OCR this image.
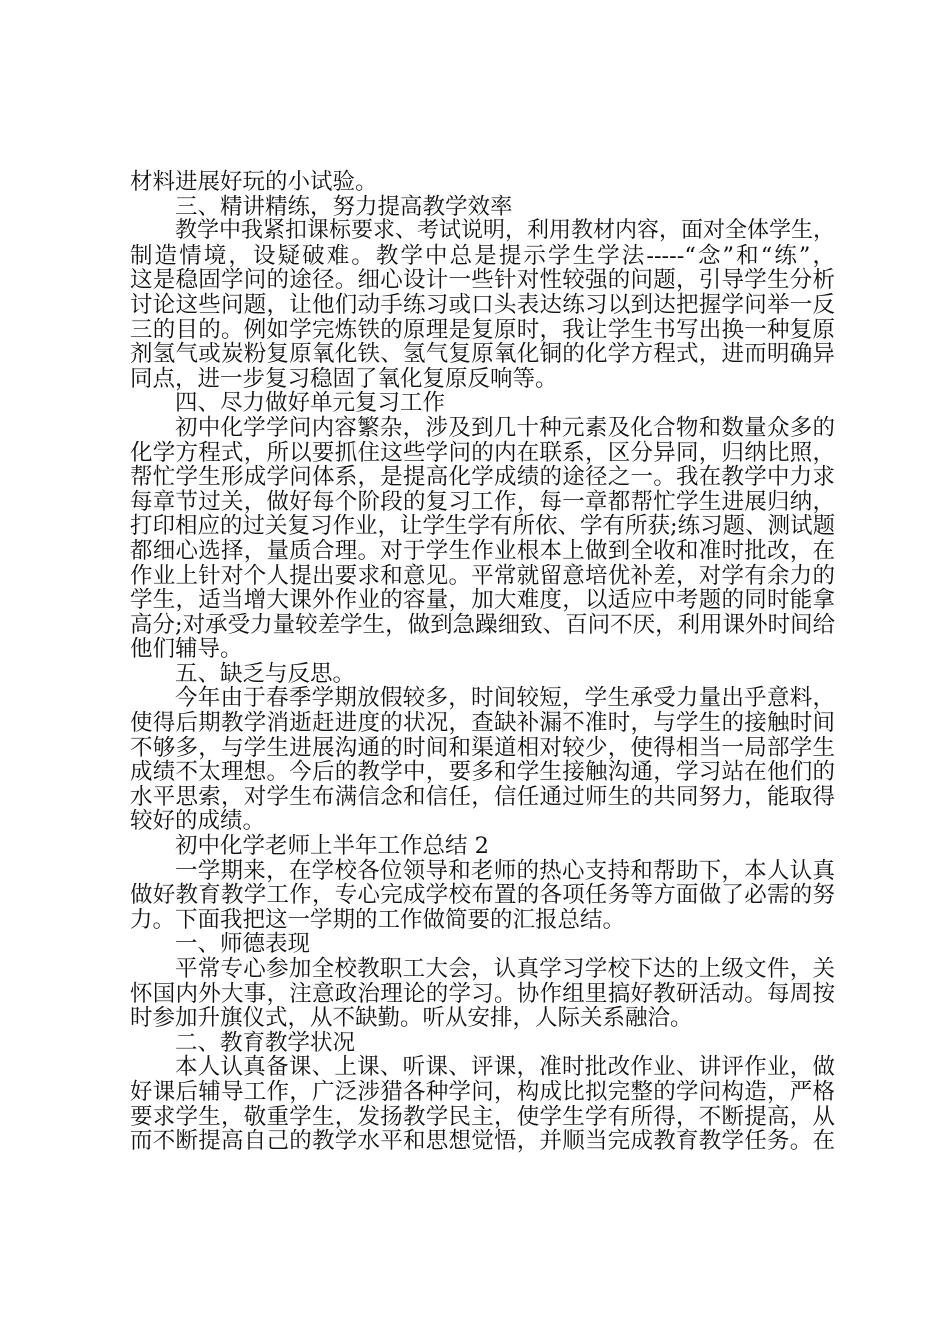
材料进展好玩的小试验。
三、精讲精练，努力提高教学效率
教学中我紧扣课标要求、考试说明，利用教材内容，面对全体学生，
制造情境，设疑破难。教学中总是提示学生学法-----“念”和“练”，
这是稳固学问的途径。细心设计一些针对性较强的问题，引导学生分析
讨论这些问题，让他们动手练习或口头表达练习以到达把握学问举一反
三的目的。例如学完炼铁的原理是复原时，我让学生书写出换一种复原
剂氢气或炭粉复原氧化铁、氢气复原氧化铜的化学方程式，进而明确异
同点，进一步复习稳固了氧化复原反响等。
四、尽力做好单元复习工作
初中化学学问内容繁杂，涉及到几十种元素及化合物和数量众多的
化学方程式，所以要抓住这些学问的内在联系，区分异同，归纳比照，
帮忙学生形成学问体系，是提高化学成绩的途径之一。我在教学中力求
每章节过关，做好每个阶段的复习工作，每一章都帮忙学生进展归纳，
打印相应的过关复习作业，让学生学有所依、学有所获;练习题、测试题
都细心选择，量质合理。对于学生作业根本上做到全收和准时批改，在
作业上针对个人提出要求和意见。平常就留意培优补差，对学有余力的
学生，适当增大课外作业的容量，加大难度，以适应中考题的同时能拿
高分;对承受力量较差学生，做到急躁细致、百问不厌，利用课外时间给
他们辅导。
五、缺乏与反思。
今年由于春季学期放假较多，时间较短，学生承受力量出乎意料，
使得后期教学消逝赶进度的状况，查缺补漏不准时，与学生的接触时间
不够多，与学生进展沟通的时间和渠道相对较少，使得相当一局部学生
成绩不太理想。今后的教学中，要多和学生接触沟通，学习站在他们的
水平思索，对学生布满信念和信任，信任通过师生的共同努力，能取得
较好的成绩。
初中化学老师上半年工作总结 2
一学期来，在学校各位领导和老师的热心支持和帮助下，本人认真
做好教育教学工作，专心完成学校布置的各项任务等方面做了必需的努
力。下面我把这一学期的工作做简要的汇报总结。
一、师德表现
平常专心参加全校教职工大会，认真学习学校下达的上级文件，关
怀国内外大事，注意政治理论的学习。协作组里搞好教研活动。每周按
时参加升旗仪式，从不缺勤。听从安排，人际关系融洽。
二、教育教学状况
本人认真备课、上课、听课、评课，准时批改作业、讲评作业，做
好课后辅导工作，广泛涉猎各种学问，构成比拟完整的学问构造，严格
要求学生，敬重学生，发扬教学民主，使学生学有所得，不断提高，从
而不断提高自己的教学水平和思想觉悟，并顺当完成教育教学任务。在
